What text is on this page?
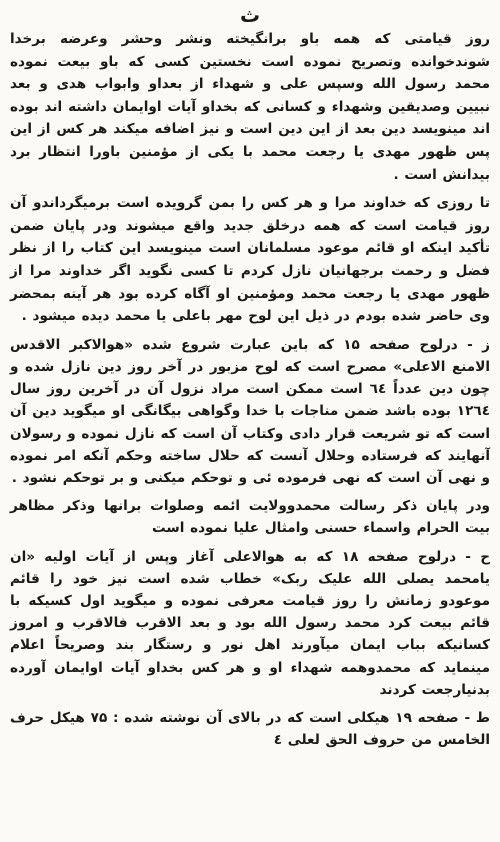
ث

روز قیامتی که همه باو برانگیخته ونشر وحشر وعرضه برخدا شوندخوانده وتصریح نموده است نخستین کسی که باو بیعت نموده محمد رسول الله وسپس علی و شهداء از بعداو وابواب هدی و بعد نبیین وصدیقین وشهداء و کسانی که بخداو آیات اوایمان داشته اند بوده اند مینویسد دین بعد از این دین است و نیز اضافه میکند هر کس از این پس ظهور مهدی یا رجعت محمد با یکی از مؤمنین باورا انتظار برد بیدانش است .

تا روزی که خداوند مرا و هر کس را بمن گرویده است برمیگرداندو آن روز قیامت است که همه درخلق جدید واقع میشوند ودر پایان ضمن تأکید اینکه او قائم موعود مسلمانان است مینویسد این کتاب را از نظر فضل و رحمت برجهانیان نازل کردم تا کسی نگوید اگر خداوند مرا از ظهور مهدی یا رجعت محمد ومؤمنین او آگاه کرده بود هر آینه بمحضر وی حاضر شده بودم در ذیل این لوح مهر باعلی یا محمد دیده میشود .

ز - درلوح صفحه ۱۵ که باین عبارت شروع شده «هوالاکبر الاقدس الامنع الاعلی» مصرح است که لوح مزبور در آخر روز دین نازل شده و چون دین عدداً ٦٤ است ممکن است مراد نزول آن در آخرین روز سال ١٢٦٤ بوده باشد ضمن مناجات با خدا وگواهی بیگانگی او میگوید دین آن است که تو شریعت قرار دادی وکتاب آن است که نازل نموده و رسولان آنهایند که فرستاده وحلال آنست که حلال ساخته وحکم آنکه امر نموده و نهی آن است که نهی فرموده ئی و توحکم میکنی و بر توحکم نشود .

ودر پایان ذکر رسالت محمدوولایت ائمه وصلوات برانها وذکر مظاهر بیت الحرام واسماء حسنی وامثال علیا نموده است

ح - درلوح صفحه ۱۸ که به هوالاعلی آغاز وپس از آیات اولیه «ان یامحمد یصلی الله علیک ربک» خطاب شده است نیز خود را قائم موعودو زمانش را روز قیامت معرفی نموده و میگوید اول کسیکه با قائم بیعت کرد محمد رسول الله بود و بعد الاقرب فالاقرب و امروز کسانیکه بباب ایمان میآورند اهل نور و رستگار بند وصریحاً اعلام مینماید که محمدوهمه شهداء او و هر کس بخداو آیات اوایمان آورده بدنیارجعت کردند

ط - صفحه ۱۹ هیکلی است که در بالای آن نوشته شده : ۷۵ هیکل حرف الخامس من حروف الحق لعلی ٤
